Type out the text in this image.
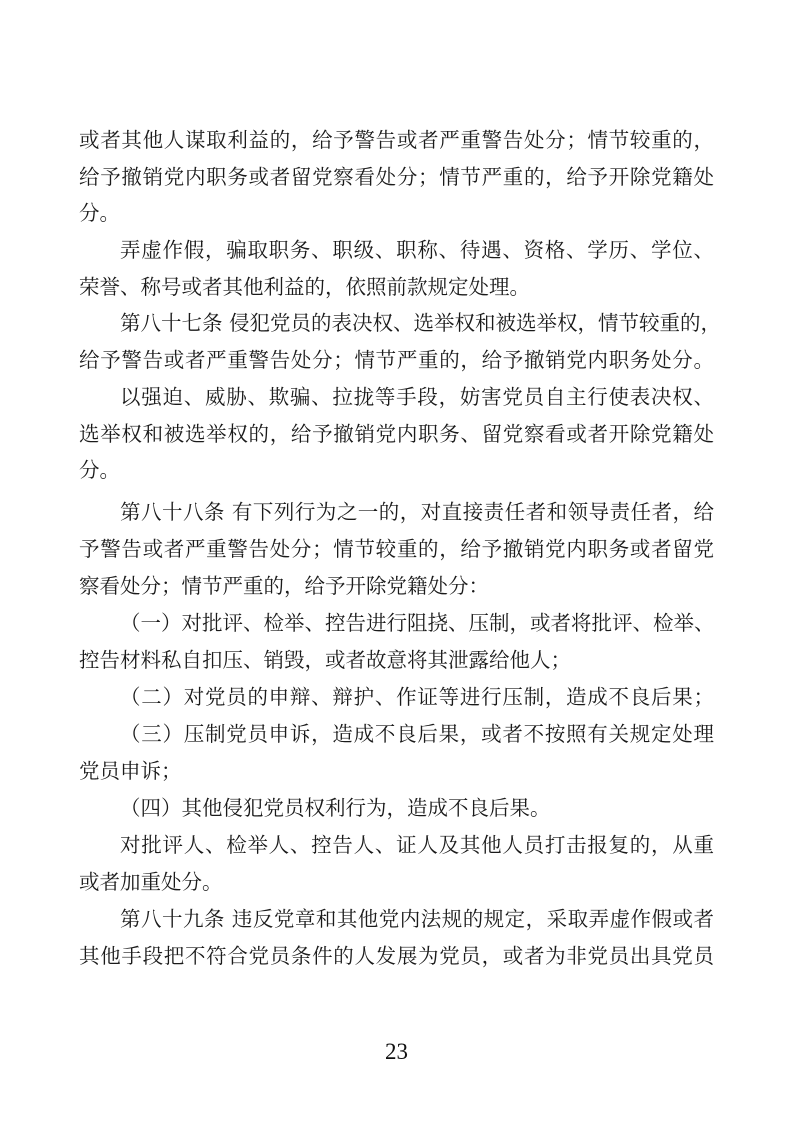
或者其他人谋取利益的，给予警告或者严重警告处分；情节较重的，
给予撤销党内职务或者留党察看处分；情节严重的，给予开除党籍处
分。
弄虚作假，骗取职务、职级、职称、待遇、资格、学历、学位、
荣誉、称号或者其他利益的，依照前款规定处理。
第八十七条 侵犯党员的表决权、选举权和被选举权，情节较重的，
给予警告或者严重警告处分；情节严重的，给予撤销党内职务处分。
以强迫、威胁、欺骗、拉拢等手段，妨害党员自主行使表决权、
选举权和被选举权的，给予撤销党内职务、留党察看或者开除党籍处
分。
第八十八条 有下列行为之一的，对直接责任者和领导责任者，给
予警告或者严重警告处分；情节较重的，给予撤销党内职务或者留党
察看处分；情节严重的，给予开除党籍处分：
（一）对批评、检举、控告进行阻挠、压制，或者将批评、检举、
控告材料私自扣压、销毁，或者故意将其泄露给他人；
（二）对党员的申辩、辩护、作证等进行压制，造成不良后果；
（三）压制党员申诉，造成不良后果，或者不按照有关规定处理
党员申诉；
（四）其他侵犯党员权利行为，造成不良后果。
对批评人、检举人、控告人、证人及其他人员打击报复的，从重
或者加重处分。
第八十九条 违反党章和其他党内法规的规定，采取弄虚作假或者
其他手段把不符合党员条件的人发展为党员，或者为非党员出具党员
23
